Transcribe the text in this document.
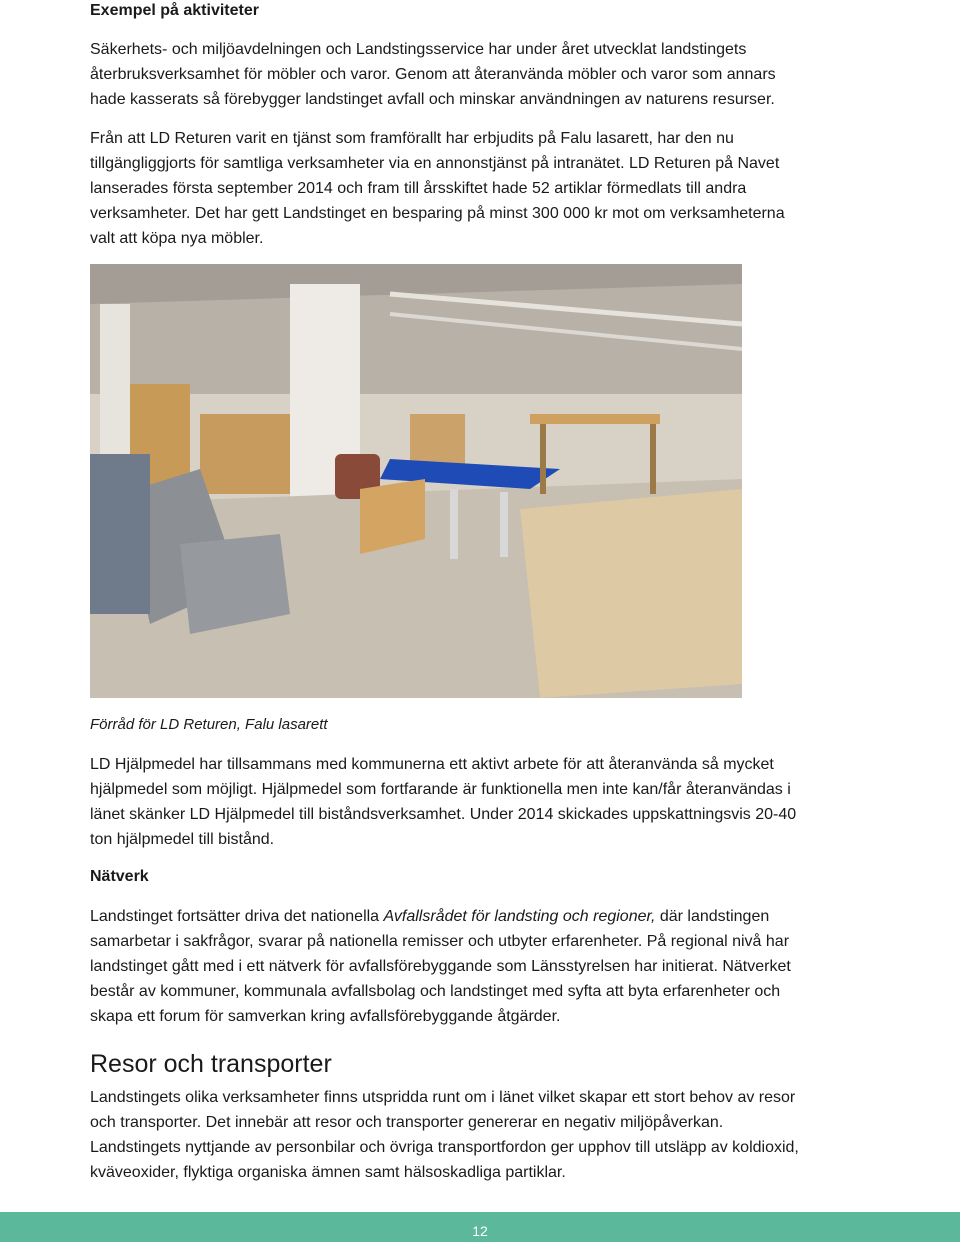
Exempel på aktiviteter

Säkerhets- och miljöavdelningen och Landstingsservice har under året utvecklat landstingets

återbruksverksamhet för möbler och varor. Genom att återanvända möbler och varor som annars

hade kasserats så förebygger landstinget avfall och minskar användningen av naturens resurser.

Från att LD Returen varit en tjänst som framförallt har erbjudits på Falu lasarett, har den nu

tillgängliggjorts för samtliga verksamheter via en annonstjänst på intranätet. LD Returen på Navet

lanserades första september 2014 och fram till årsskiftet hade 52 artiklar förmedlats till andra

verksamheter. Det har gett Landstinget en besparing på minst 300 000 kr mot om verksamheterna

valt att köpa nya möbler.

Förråd för LD Returen, Falu lasarett

LD Hjälpmedel har tillsammans med kommunerna ett aktivt arbete för att återanvända så mycket

hjälpmedel som möjligt. Hjälpmedel som fortfarande är funktionella men inte kan/får återanvändas i

länet skänker LD Hjälpmedel till biståndsverksamhet. Under 2014 skickades uppskattningsvis 20-40

ton hjälpmedel till bistånd.

Nätverk

Landstinget fortsätter driva det nationella Avfallsrådet för landsting och regioner, där landstingen

samarbetar i sakfrågor, svarar på nationella remisser och utbyter erfarenheter. På regional nivå har

landstinget gått med i ett nätverk för avfallsförebyggande som Länsstyrelsen har initierat. Nätverket

består av kommuner, kommunala avfallsbolag och landstinget med syfta att byta erfarenheter och

skapa ett forum för samverkan kring avfallsförebyggande åtgärder.

Resor och transporter

Landstingets olika verksamheter finns utspridda runt om i länet vilket skapar ett stort behov av resor

och transporter. Det innebär att resor och transporter genererar en negativ miljöpåverkan.

Landstingets nyttjande av personbilar och övriga transportfordon ger upphov till utsläpp av koldioxid,

kväveoxider, flyktiga organiska ämnen samt hälsoskadliga partiklar.

12
